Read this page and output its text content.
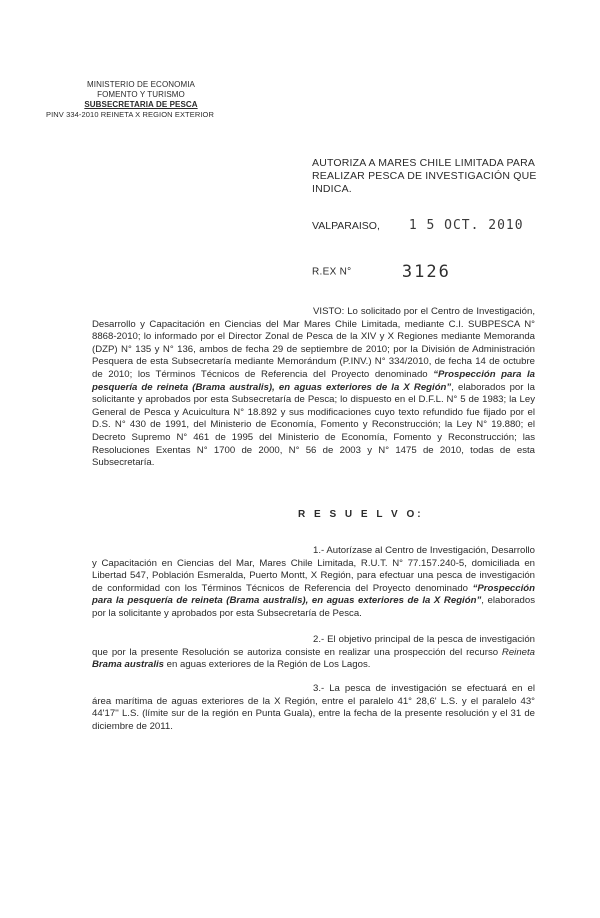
MINISTERIO DE ECONOMIA
FOMENTO Y TURISMO
SUBSECRETARIA DE PESCA
PINV 334-2010 REINETA X REGION EXTERIOR
AUTORIZA A MARES CHILE LIMITADA PARA REALIZAR PESCA DE INVESTIGACIÓN QUE INDICA.
VALPARAISO, 1 5 OCT. 2010
R.EX N°	3126
VISTO: Lo solicitado por el Centro de Investigación, Desarrollo y Capacitación en Ciencias del Mar Mares Chile Limitada, mediante C.I. SUBPESCA N° 8868-2010; lo informado por el Director Zonal de Pesca de la XIV y X Regiones mediante Memoranda (DZP) N° 135 y N° 136, ambos de fecha 29 de septiembre de 2010; por la División de Administración Pesquera de esta Subsecretaría mediante Memorándum (P.INV.) N° 334/2010, de fecha 14 de octubre de 2010; los Términos Técnicos de Referencia del Proyecto denominado “Prospección para la pesquería de reineta (Brama australis), en aguas exteriores de la X Región”, elaborados por la solicitante y aprobados por esta Subsecretaría de Pesca; lo dispuesto en el D.F.L. N° 5 de 1983; la Ley General de Pesca y Acuicultura N° 18.892 y sus modificaciones cuyo texto refundido fue fijado por el D.S. N° 430 de 1991, del Ministerio de Economía, Fomento y Reconstrucción; la Ley N° 19.880; el Decreto Supremo N° 461 de 1995 del Ministerio de Economía, Fomento y Reconstrucción; las Resoluciones Exentas N° 1700 de 2000, N° 56 de 2003 y N° 1475 de 2010, todas de esta Subsecretaría.
R E S U E L V O:
1.- Autorízase al Centro de Investigación, Desarrollo y Capacitación en Ciencias del Mar, Mares Chile Limitada, R.U.T. N° 77.157.240-5, domiciliada en Libertad 547, Población Esmeralda, Puerto Montt, X Región, para efectuar una pesca de investigación de conformidad con los Términos Técnicos de Referencia del Proyecto denominado “Prospección para la pesquería de reineta (Brama australis), en aguas exteriores de la X Región”, elaborados por la solicitante y aprobados por esta Subsecretaría de Pesca.
2.- El objetivo principal de la pesca de investigación que por la presente Resolución se autoriza consiste en realizar una prospección del recurso Reineta Brama australis en aguas exteriores de la Región de Los Lagos.
3.- La pesca de investigación se efectuará en el área marítima de aguas exteriores de la X Región, entre el paralelo 41° 28,6' L.S. y el paralelo 43° 44'17'' L.S. (límite sur de la región en Punta Guala), entre la fecha de la presente resolución y el 31 de diciembre de 2011.
